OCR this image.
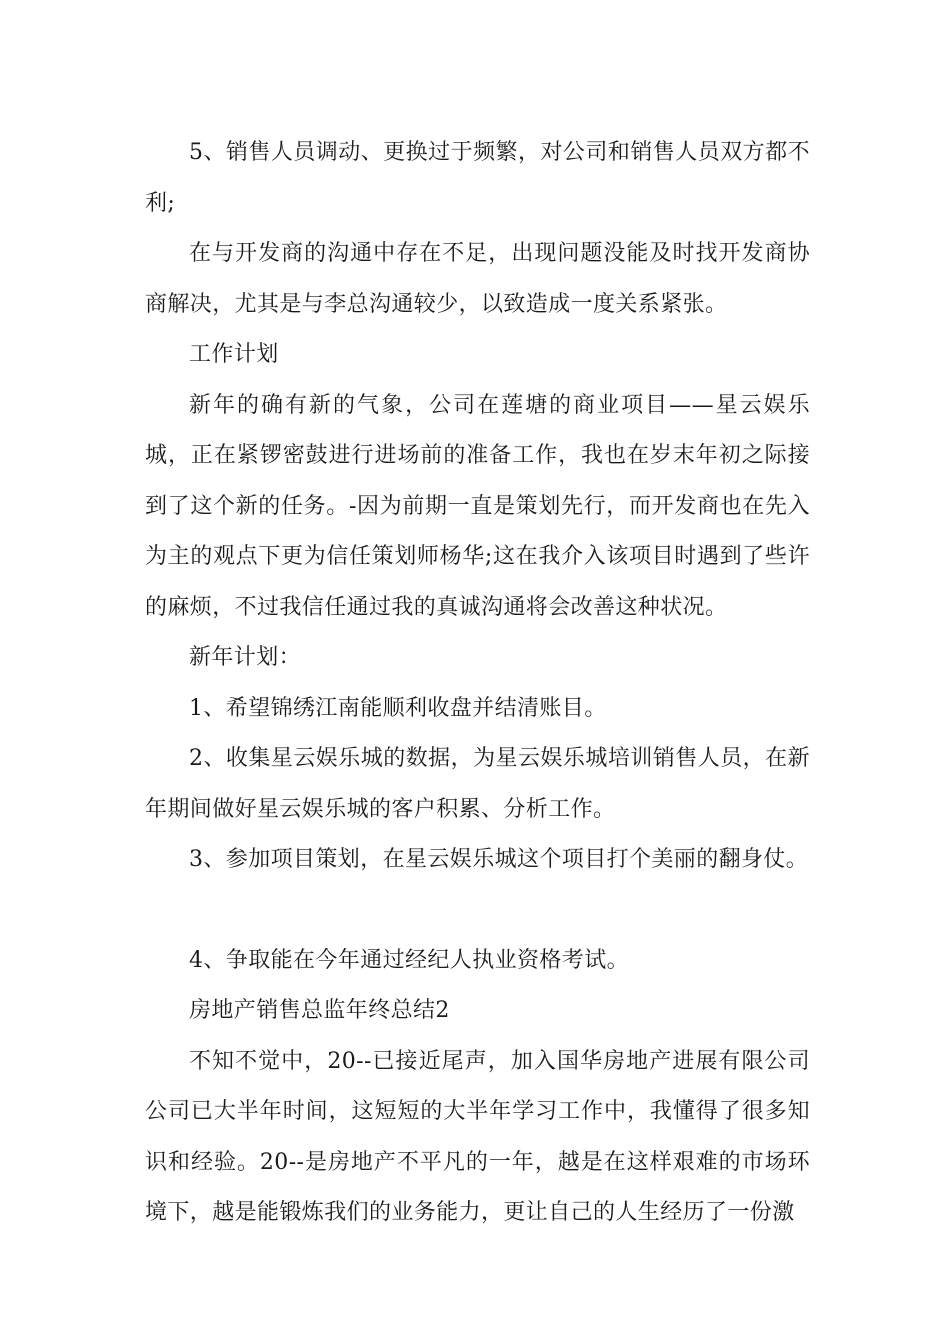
5、销售人员调动、更换过于频繁，对公司和销售人员双方都不利;

在与开发商的沟通中存在不足，出现问题没能及时找开发商协商解决，尤其是与李总沟通较少，以致造成一度关系紧张。

工作计划

新年的确有新的气象，公司在莲塘的商业项目——星云娱乐城，正在紧锣密鼓进行进场前的准备工作，我也在岁末年初之际接到了这个新的任务。-因为前期一直是策划先行，而开发商也在先入为主的观点下更为信任策划师杨华;这在我介入该项目时遇到了些许的麻烦，不过我信任通过我的真诚沟通将会改善这种状况。

新年计划：

1、希望锦绣江南能顺利收盘并结清账目。

2、收集星云娱乐城的数据，为星云娱乐城培训销售人员，在新年期间做好星云娱乐城的客户积累、分析工作。

3、参加项目策划，在星云娱乐城这个项目打个美丽的翻身仗。

4、争取能在今年通过经纪人执业资格考试。

房地产销售总监年终总结2

不知不觉中，20--已接近尾声，加入国华房地产进展有限公司公司已大半年时间，这短短的大半年学习工作中，我懂得了很多知识和经验。20--是房地产不平凡的一年，越是在这样艰难的市场环境下，越是能锻炼我们的业务能力，更让自己的人生经历了一份激
